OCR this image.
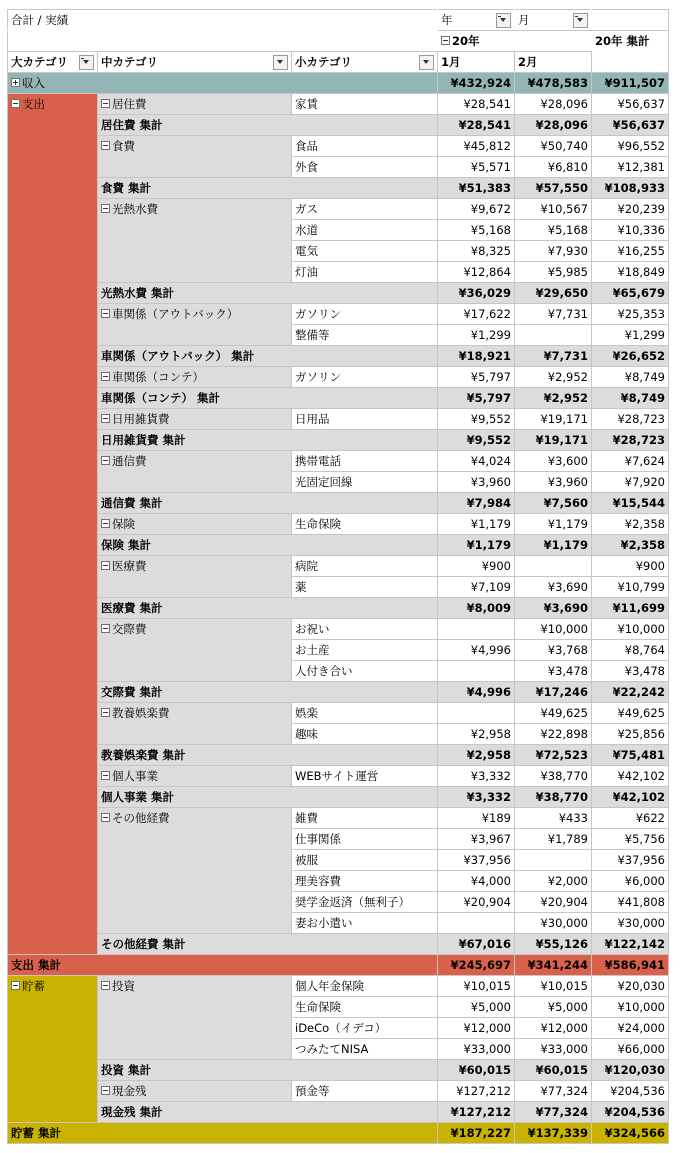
合計 / 実績			年	月

			20年		20年 集計
大カテゴリ	中カテゴリ	小カテゴリ	1月	2月	
収入			¥432,924	¥478,583	¥911,507
支出	居住費	家賃	¥28,541	¥28,096	¥56,637
	居住費 集計		¥28,541	¥28,096	¥56,637
	食費	食品	¥45,812	¥50,740	¥96,552
		外食	¥5,571	¥6,810	¥12,381
	食費 集計		¥51,383	¥57,550	¥108,933
	光熱水費	ガス	¥9,672	¥10,567	¥20,239
		水道	¥5,168	¥5,168	¥10,336
		電気	¥8,325	¥7,930	¥16,255
		灯油	¥12,864	¥5,985	¥18,849
	光熱水費 集計		¥36,029	¥29,650	¥65,679
	車関係（アウトバック）	ガソリン	¥17,622	¥7,731	¥25,353
		整備等	¥1,299		¥1,299
	車関係（アウトバック） 集計		¥18,921	¥7,731	¥26,652
	車関係（コンテ）	ガソリン	¥5,797	¥2,952	¥8,749
	車関係（コンテ） 集計		¥5,797	¥2,952	¥8,749
	日用雑貨費	日用品	¥9,552	¥19,171	¥28,723
	日用雑貨費 集計		¥9,552	¥19,171	¥28,723
	通信費	携帯電話	¥4,024	¥3,600	¥7,624
		光固定回線	¥3,960	¥3,960	¥7,920
	通信費 集計		¥7,984	¥7,560	¥15,544
	保険	生命保険	¥1,179	¥1,179	¥2,358
	保険 集計		¥1,179	¥1,179	¥2,358
	医療費	病院	¥900		¥900
		薬	¥7,109	¥3,690	¥10,799
	医療費 集計		¥8,009	¥3,690	¥11,699
	交際費	お祝い		¥10,000	¥10,000
		お土産	¥4,996	¥3,768	¥8,764
		人付き合い		¥3,478	¥3,478
	交際費 集計		¥4,996	¥17,246	¥22,242
	教養娯楽費	娯楽		¥49,625	¥49,625
		趣味	¥2,958	¥22,898	¥25,856
	教養娯楽費 集計		¥2,958	¥72,523	¥75,481
	個人事業	WEBサイト運営	¥3,332	¥38,770	¥42,102
	個人事業 集計		¥3,332	¥38,770	¥42,102
	その他経費	雑費	¥189	¥433	¥622
		仕事関係	¥3,967	¥1,789	¥5,756
		被服	¥37,956		¥37,956
		理美容費	¥4,000	¥2,000	¥6,000
		奨学金返済（無利子）	¥20,904	¥20,904	¥41,808
		妻お小遣い		¥30,000	¥30,000
	その他経費 集計		¥67,016	¥55,126	¥122,142
支出 集計			¥245,697	¥341,244	¥586,941
貯蓄	投資	個人年金保険	¥10,015	¥10,015	¥20,030
		生命保険	¥5,000	¥5,000	¥10,000
		iDeCo（イデコ）	¥12,000	¥12,000	¥24,000
		つみたてNISA	¥33,000	¥33,000	¥66,000
	投資 集計		¥60,015	¥60,015	¥120,030
	現金残	預金等	¥127,212	¥77,324	¥204,536
	現金残 集計		¥127,212	¥77,324	¥204,536
貯蓄 集計			¥187,227	¥137,339	¥324,566
